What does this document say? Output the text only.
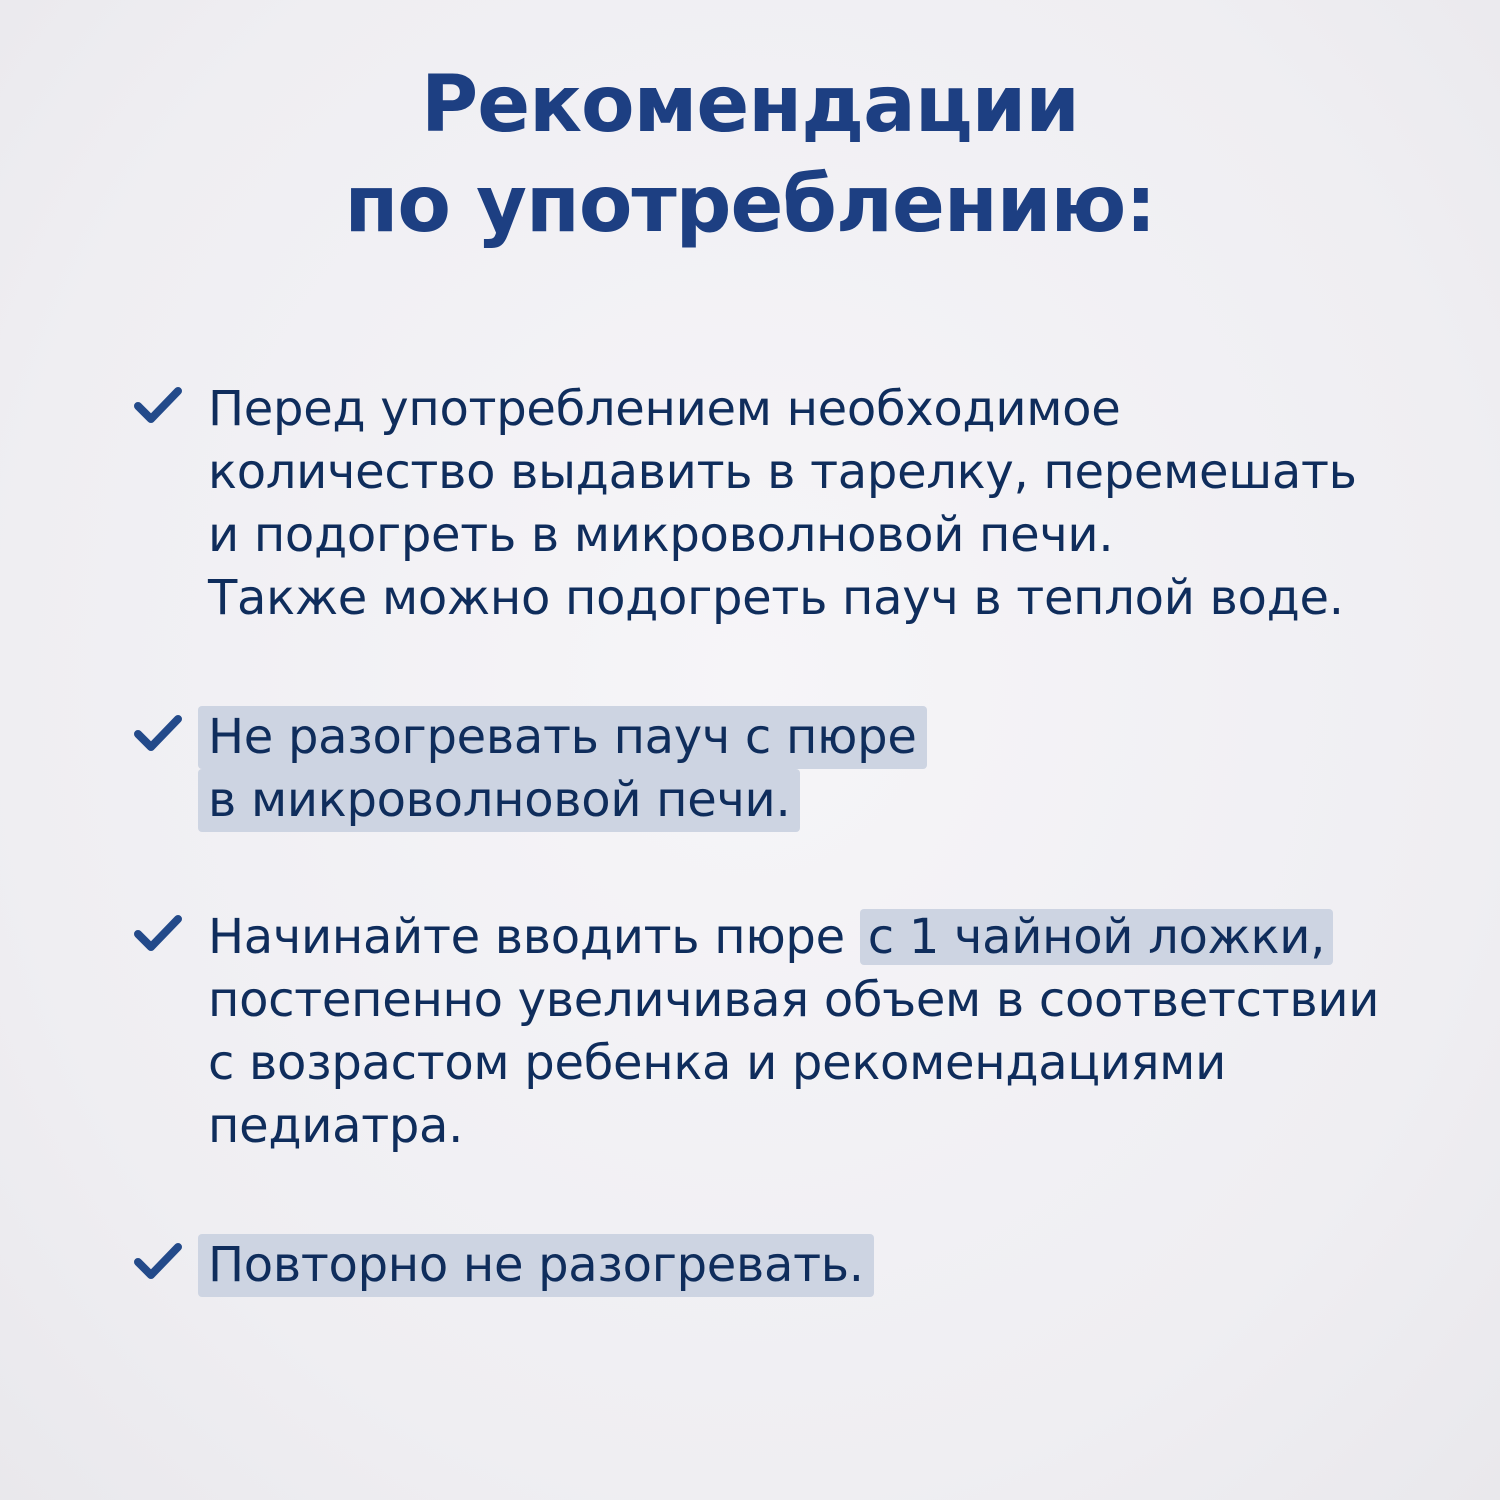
Рекомендации
по употреблению:
Перед употреблением необходимое
количество выдавить в тарелку, перемешать
и подогреть в микроволновой печи.
Также можно подогреть пауч в теплой воде.
Не разогревать пауч с пюре
в микроволновой печи.
Начинайте вводить пюре с 1 чайной ложки,
постепенно увеличивая объем в соответствии
с возрастом ребенка и рекомендациями
педиатра.
Повторно не разогревать.
